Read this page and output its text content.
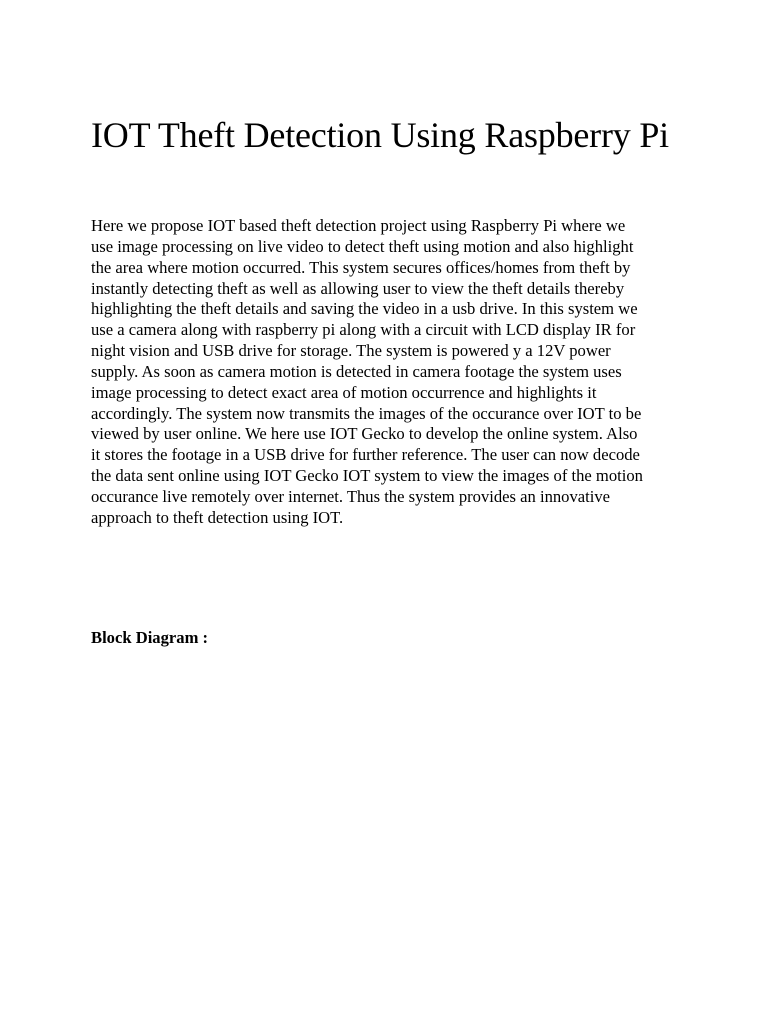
IOT Theft Detection Using Raspberry Pi

Here we propose IOT based theft detection project using Raspberry Pi where we
use image processing on live video to detect theft using motion and also highlight
the area where motion occurred. This system secures offices/homes from theft by
instantly detecting theft as well as allowing user to view the theft details thereby
highlighting the theft details and saving the video in a usb drive. In this system we
use a camera along with raspberry pi along with a circuit with LCD display IR for
night vision and USB drive for storage. The system is powered y a 12V power
supply. As soon as camera motion is detected in camera footage the system uses
image processing to detect exact area of motion occurrence and highlights it
accordingly. The system now transmits the images of the occurance over IOT to be
viewed by user online. We here use IOT Gecko to develop the online system. Also
it stores the footage in a USB drive for further reference. The user can now decode
the data sent online using IOT Gecko IOT system to view the images of the motion
occurance live remotely over internet. Thus the system provides an innovative
approach to theft detection using IOT.

Block Diagram :
